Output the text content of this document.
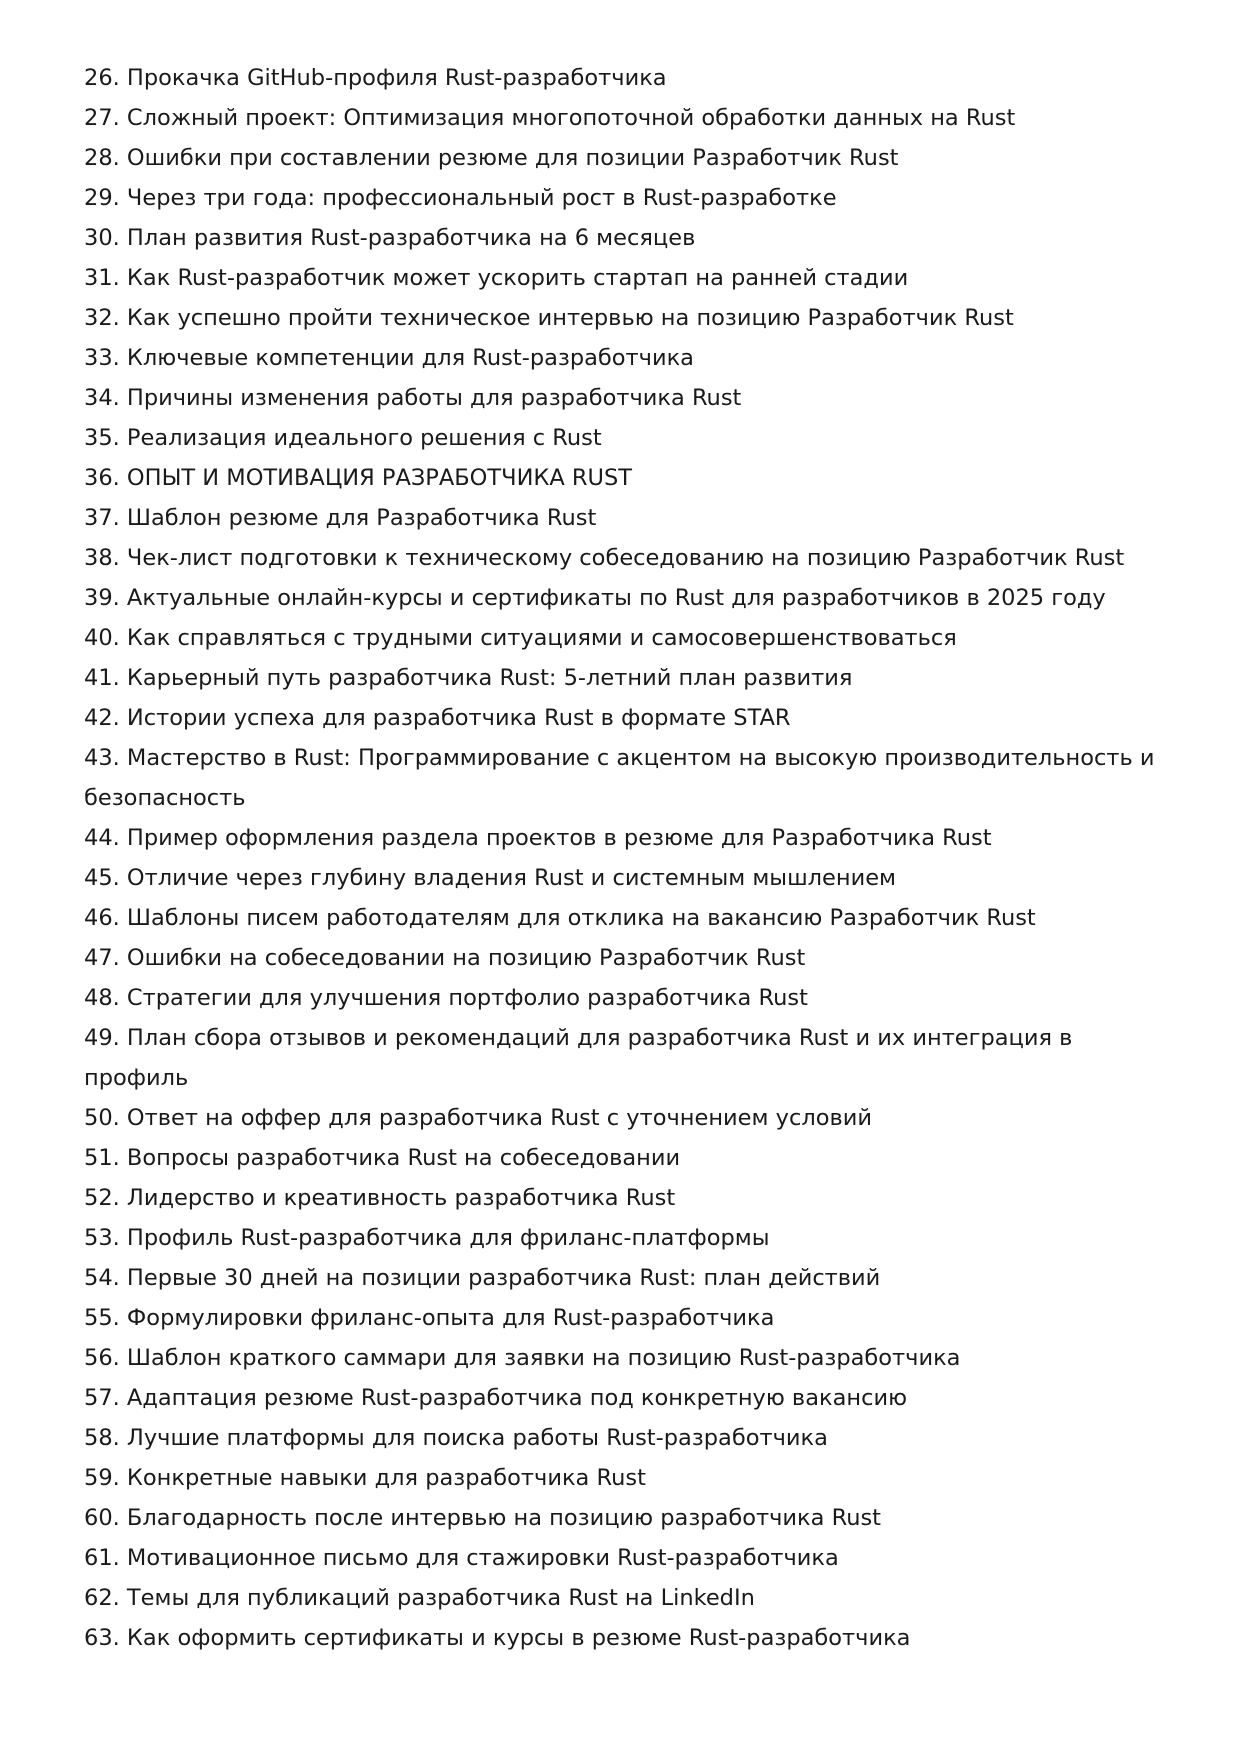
26. Прокачка GitHub-профиля Rust-разработчика
27. Сложный проект: Оптимизация многопоточной обработки данных на Rust
28. Ошибки при составлении резюме для позиции Разработчик Rust
29. Через три года: профессиональный рост в Rust-разработке
30. План развития Rust-разработчика на 6 месяцев
31. Как Rust-разработчик может ускорить стартап на ранней стадии
32. Как успешно пройти техническое интервью на позицию Разработчик Rust
33. Ключевые компетенции для Rust-разработчика
34. Причины изменения работы для разработчика Rust
35. Реализация идеального решения с Rust
36. ОПЫТ И МОТИВАЦИЯ РАЗРАБОТЧИКА RUST
37. Шаблон резюме для Разработчика Rust
38. Чек-лист подготовки к техническому собеседованию на позицию Разработчик Rust
39. Актуальные онлайн-курсы и сертификаты по Rust для разработчиков в 2025 году
40. Как справляться с трудными ситуациями и самосовершенствоваться
41. Карьерный путь разработчика Rust: 5-летний план развития
42. Истории успеха для разработчика Rust в формате STAR
43. Мастерство в Rust: Программирование с акцентом на высокую производительность и безопасность
44. Пример оформления раздела проектов в резюме для Разработчика Rust
45. Отличие через глубину владения Rust и системным мышлением
46. Шаблоны писем работодателям для отклика на вакансию Разработчик Rust
47. Ошибки на собеседовании на позицию Разработчик Rust
48. Стратегии для улучшения портфолио разработчика Rust
49. План сбора отзывов и рекомендаций для разработчика Rust и их интеграция в профиль
50. Ответ на оффер для разработчика Rust с уточнением условий
51. Вопросы разработчика Rust на собеседовании
52. Лидерство и креативность разработчика Rust
53. Профиль Rust-разработчика для фриланс-платформы
54. Первые 30 дней на позиции разработчика Rust: план действий
55. Формулировки фриланс-опыта для Rust-разработчика
56. Шаблон краткого саммари для заявки на позицию Rust-разработчика
57. Адаптация резюме Rust-разработчика под конкретную вакансию
58. Лучшие платформы для поиска работы Rust-разработчика
59. Конкретные навыки для разработчика Rust
60. Благодарность после интервью на позицию разработчика Rust
61. Мотивационное письмо для стажировки Rust-разработчика
62. Темы для публикаций разработчика Rust на LinkedIn
63. Как оформить сертификаты и курсы в резюме Rust-разработчика
